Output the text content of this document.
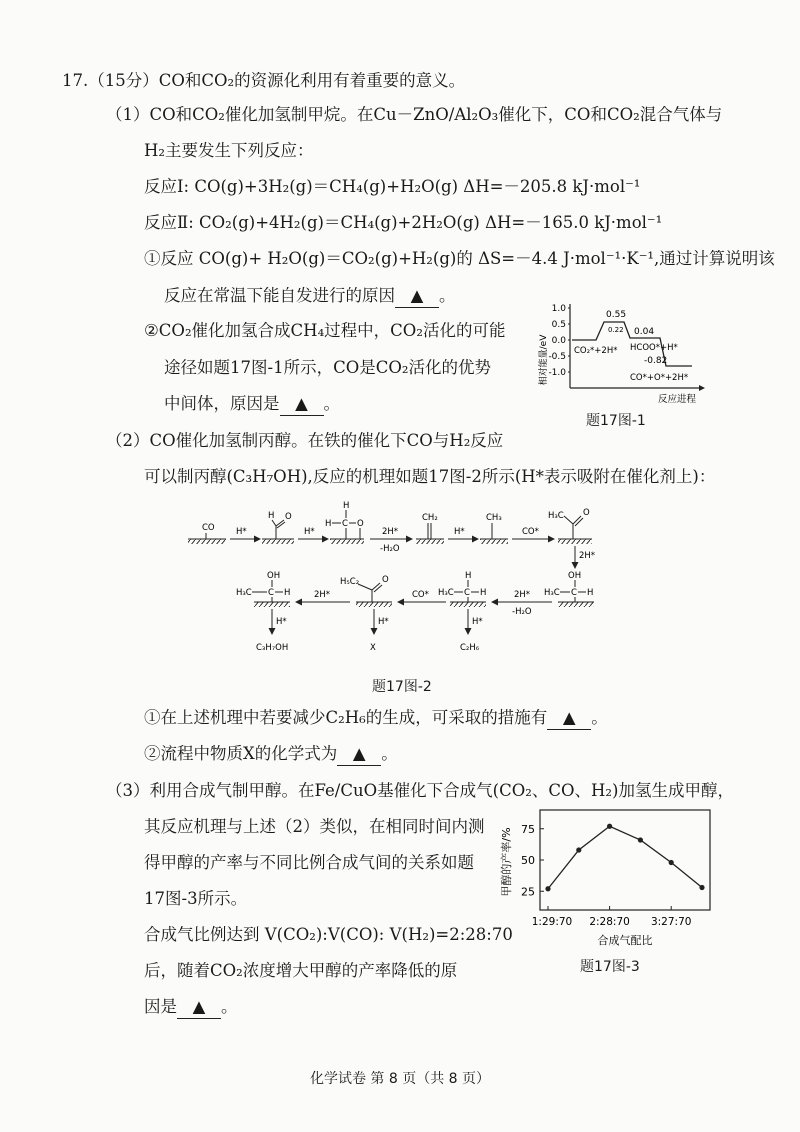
17.（15分）CO和CO₂的资源化利用有着重要的意义。
（1）CO和CO₂催化加氢制甲烷。在Cu－ZnO/Al₂O₃催化下，CO和CO₂混合气体与
H₂主要发生下列反应：
反应Ⅰ: CO(g)+3H₂(g)＝CH₄(g)+H₂O(g) ΔH=－205.8 kJ·mol⁻¹
反应Ⅱ: CO₂(g)+4H₂(g)＝CH₄(g)+2H₂O(g) ΔH=－165.0 kJ·mol⁻¹
①反应 CO(g)+ H₂O(g)＝CO₂(g)+H₂(g)的 ΔS=－4.4 J·mol⁻¹·K⁻¹,通过计算说明该
反应在常温下能自发进行的原因 ▲ 。
②CO₂催化加氢合成CH₄过程中，CO₂活化的可能
途径如题17图-1所示，CO是CO₂活化的优势
中间体，原因是 ▲ 。
（2）CO催化加氢制丙醇。在铁的催化下CO与H₂反应
可以制丙醇(C₃H₇OH),反应的机理如题17图-2所示(H*表示吸附在催化剂上)：
①在上述机理中若要减少C₂H₆的生成，可采取的措施有 ▲ 。
②流程中物质X的化学式为 ▲ 。
（3）利用合成气制甲醇。在Fe/CuO基催化下合成气(CO₂、CO、H₂)加氢生成甲醇，
其反应机理与上述（2）类似，在相同时间内测
得甲醇的产率与不同比例合成气间的关系如题
17图-3所示。
合成气比例达到 V(CO₂):V(CO): V(H₂)=2:28:70
后，随着CO₂浓度增大甲醇的产率降低的原
因是 ▲ 。
相对能量/eV
1.0
0.5
0.0
-0.5
-1.0
0.55
0.22 0.04
-0.82
CO₂*+2H* HCOO*+H*
CO*+O*+2H*
反应进程
题17图-1
CO
H O
H
H C O
CH₂	CH₃	H₃C O
H*	H*	2H*
-H₂O
H*	CO*
2H*
OH
H₃C C H
2H*
-H₂O
H
H₃C C H
CO*
H₅C₂	O
2H*
OH
H₃C C H
H*
C₃H₇OH
H*
X
H*
C₂H₆
题17图-2
甲醇的产率/% 75
50
25
1:29:70 2:28:70 3:27:70
合成气配比
题17图-3
化学试卷 第 8 页（共 8 页）
